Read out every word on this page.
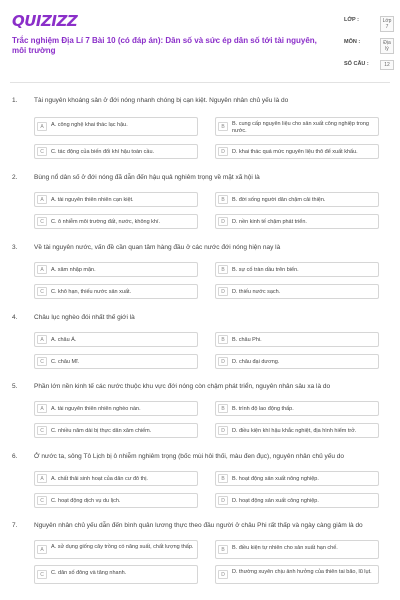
QUIZIZZ
Trắc nghiệm Địa Lí 7 Bài 10 (có đáp án): Dân số và sức ép dân số tới tài nguyên, môi trường
LỚP :	Lớp 7
MÔN :	Địa lý
SỐ CÂU :	12
1.	Tài nguyên khoáng sản ở đới nóng nhanh chóng bị cạn kiệt. Nguyên nhân chủ yếu là do
A	A. công nghệ khai thác lạc hậu.	B	B. cung cấp nguyên liệu cho sản xuất công nghiệp trong nước.
C	C. tác động của biến đổi khí hậu toàn cầu.	D	D. khai thác quá mức nguyên liệu thô để xuất khẩu.
2.	Bùng nổ dân số ở đới nóng đã dẫn đến hậu quả nghiêm trọng về mặt xã hội là
A	A. tài nguyên thiên nhiên cạn kiệt.	B	B. đời sống người dân chậm cải thiện.
C	C. ô nhiễm môi trường đất, nước, không khí.	D	D. nền kinh tế chậm phát triển.
3.	Về tài nguyên nước, vấn đề cần quan tâm hàng đầu ở các nước đới nóng hiện nay là
A	A. xâm nhập mặn.	B	B. sự cố tràn dầu trên biển.
C	C. khô hạn, thiếu nước sản xuất.	D	D. thiếu nước sạch.
4.	Châu lục nghèo đói nhất thế giới là
A	A. châu Á.	B	B. châu Phi.
C	C. châu Mĩ.	D	D. châu đại dương.
5.	Phần lớn nền kinh tế các nước thuộc khu vực đới nóng còn chậm phát triển, nguyên nhân sâu xa là do
A	A. tài nguyên thiên nhiên nghèo nàn.	B	B. trình độ lao động thấp.
C	C. nhiều năm dài bị thực dân xâm chiếm.	D	D. điều kiện khí hậu khắc nghiệt, địa hình hiểm trở.
6.	Ở nước ta, sông Tô Lịch bị ô nhiễm nghiêm trọng (bốc mùi hôi thối, màu đen đục), nguyên nhân chủ yếu do
A	A. chất thải sinh hoạt của dân cư đô thị.	B	B. hoạt động sản xuất nông nghiệp.
C	C. hoạt động dịch vụ du lịch.	D	D. hoạt động sản xuất công nghiệp.
7.	Nguyên nhân chủ yếu dẫn đến bình quân lương thực theo đầu người ở châu Phi rất thấp và ngày càng giảm là do
A	A. sử dụng giống cây trồng có năng suất, chất lượng thấp.	B	B. điều kiện tự nhiên cho sản xuất hạn chế.
C	C. dân số đông và tăng nhanh.	D	D. thường xuyên chịu ảnh hưởng của thiên tai bão, lũ lụt.
